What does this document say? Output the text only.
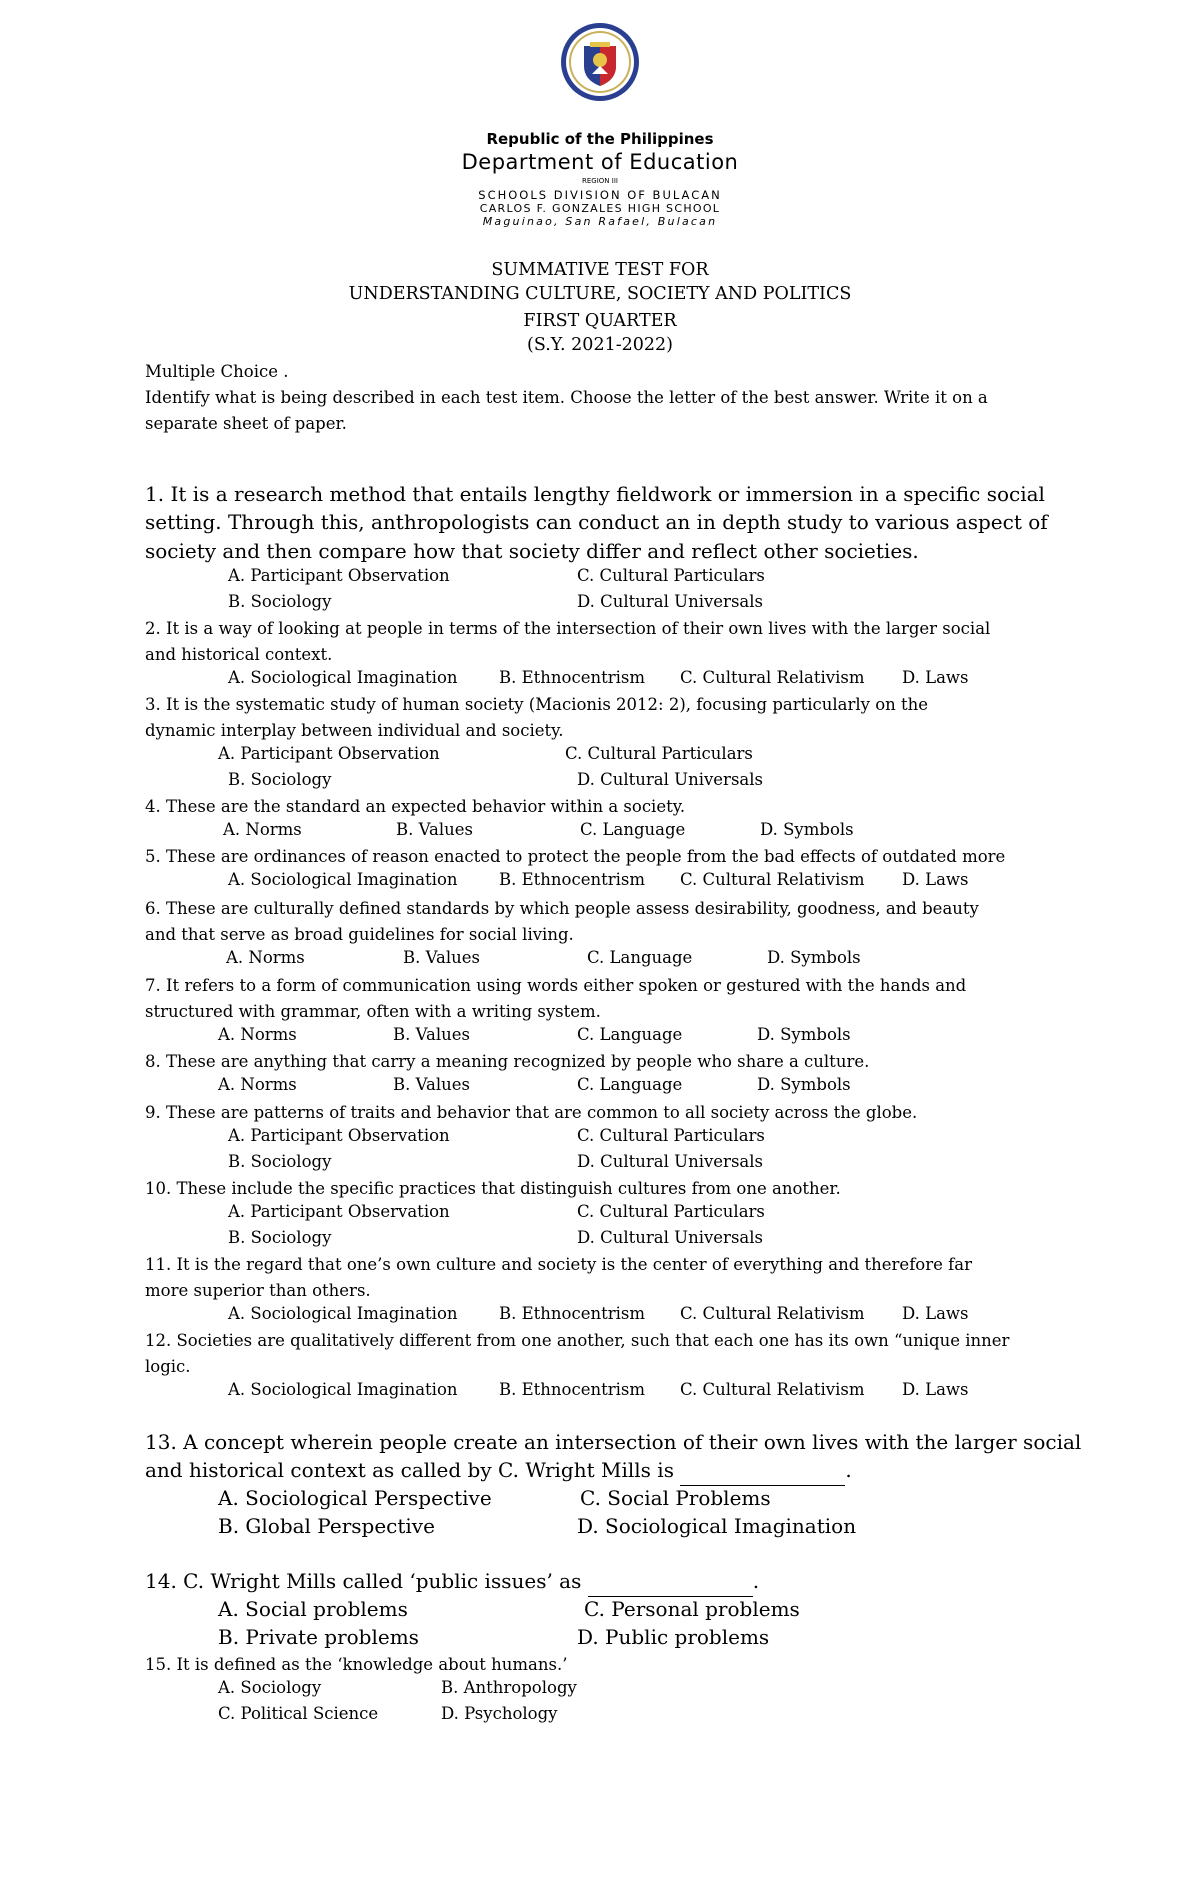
Republic of the Philippines
Department of Education
REGION III
SCHOOLS DIVISION OF BULACAN
CARLOS F. GONZALES HIGH SCHOOL
Maguinao, San Rafael, Bulacan
SUMMATIVE TEST FOR
UNDERSTANDING CULTURE, SOCIETY AND POLITICS
FIRST QUARTER
(S.Y. 2021-2022)
Multiple Choice .
Identify what is being described in each test item. Choose the letter of the best answer. Write it on a
separate sheet of paper.
1. It is a research method that entails lengthy fieldwork or immersion in a specific social
setting. Through this, anthropologists can conduct an in depth study to various aspect of
society and then compare how that society differ and reflect other societies.
A. Participant Observation	C. Cultural Particulars
B. Sociology	D. Cultural Universals
2. It is a way of looking at people in terms of the intersection of their own lives with the larger social
and historical context.
A. Sociological Imagination	B. Ethnocentrism C. Cultural Relativism D. Laws
3. It is the systematic study of human society (Macionis 2012: 2), focusing particularly on the
dynamic interplay between individual and society.
A. Participant Observation	C. Cultural Particulars
B. Sociology	D. Cultural Universals
4. These are the standard an expected behavior within a society.
A. Norms	B. Values	C. Language	D. Symbols
5. These are ordinances of reason enacted to protect the people from the bad effects of outdated more
A. Sociological Imagination	B. Ethnocentrism C. Cultural Relativism D. Laws
6. These are culturally defined standards by which people assess desirability, goodness, and beauty
and that serve as broad guidelines for social living.
A. Norms	B. Values	C. Language	D. Symbols
7. It refers to a form of communication using words either spoken or gestured with the hands and
structured with grammar, often with a writing system.
A. Norms	B. Values	C. Language	D. Symbols
8. These are anything that carry a meaning recognized by people who share a culture.
A. Norms	B. Values	C. Language	D. Symbols
9. These are patterns of traits and behavior that are common to all society across the globe.
A. Participant Observation	C. Cultural Particulars
B. Sociology	D. Cultural Universals
10. These include the specific practices that distinguish cultures from one another.
A. Participant Observation	C. Cultural Particulars
B. Sociology	D. Cultural Universals
11. It is the regard that one’s own culture and society is the center of everything and therefore far
more superior than others.
A. Sociological Imagination	B. Ethnocentrism C. Cultural Relativism D. Laws
12. Societies are qualitatively different from one another, such that each one has its own “unique inner
logic.
A. Sociological Imagination	B. Ethnocentrism C. Cultural Relativism D. Laws
13. A concept wherein people create an intersection of their own lives with the larger social
and historical context as called by C. Wright Mills is	.
A. Sociological Perspective	C. Social Problems
B. Global Perspective	D. Sociological Imagination
14. C. Wright Mills called ‘public issues’ as	.
A. Social problems	C. Personal problems
B. Private problems	D. Public problems
15. It is defined as the ‘knowledge about humans.’
A. Sociology	B. Anthropology
C. Political Science	D. Psychology
